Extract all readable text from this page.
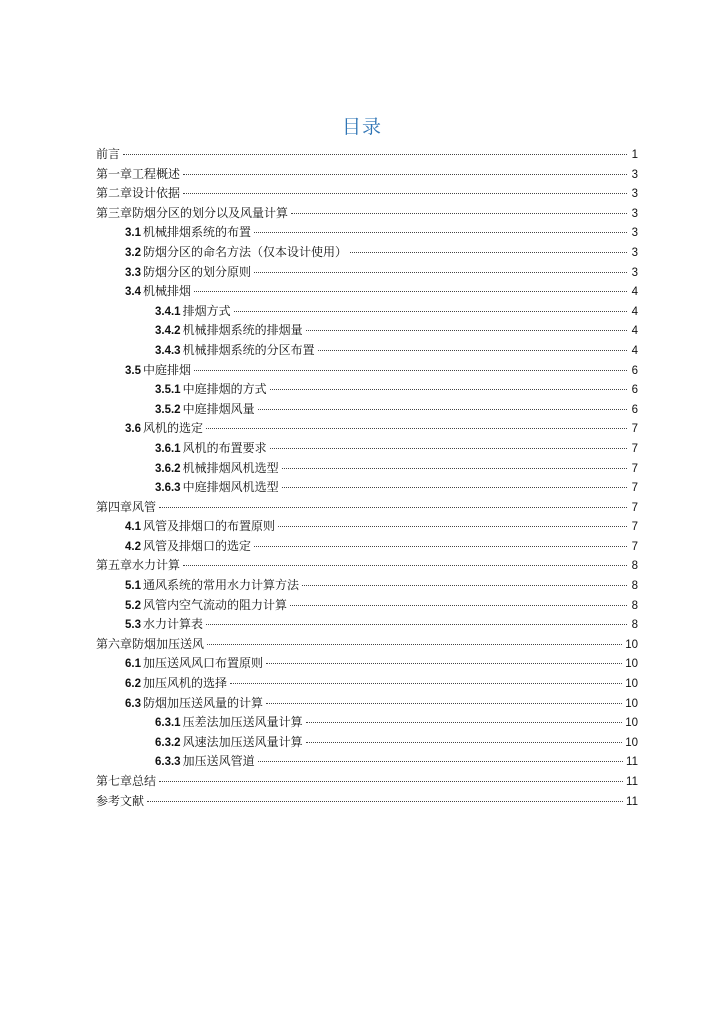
目录
前言	1
第一章工程概述	3
第二章设计依据	3
第三章防烟分区的划分以及风量计算	3
3.1 机械排烟系统的布置	3
3.2 防烟分区的命名方法（仅本设计使用）	3
3.3 防烟分区的划分原则	3
3.4 机械排烟	4
3.4.1 排烟方式	4
3.4.2 机械排烟系统的排烟量	4
3.4.3 机械排烟系统的分区布置	4
3.5 中庭排烟	6
3.5.1 中庭排烟的方式	6
3.5.2 中庭排烟风量	6
3.6 风机的选定	7
3.6.1 风机的布置要求	7
3.6.2 机械排烟风机选型	7
3.6.3 中庭排烟风机选型	7
第四章风管	7
4.1 风管及排烟口的布置原则	7
4.2 风管及排烟口的选定	7
第五章水力计算	8
5.1 通风系统的常用水力计算方法	8
5.2 风管内空气流动的阻力计算	8
5.3 水力计算表	8
第六章防烟加压送风	10
6.1 加压送风风口布置原则	10
6.2 加压风机的选择	10
6.3 防烟加压送风量的计算	10
6.3.1 压差法加压送风量计算	10
6.3.2 风速法加压送风量计算	10
6.3.3 加压送风管道	11
第七章总结	11
参考文献	11
